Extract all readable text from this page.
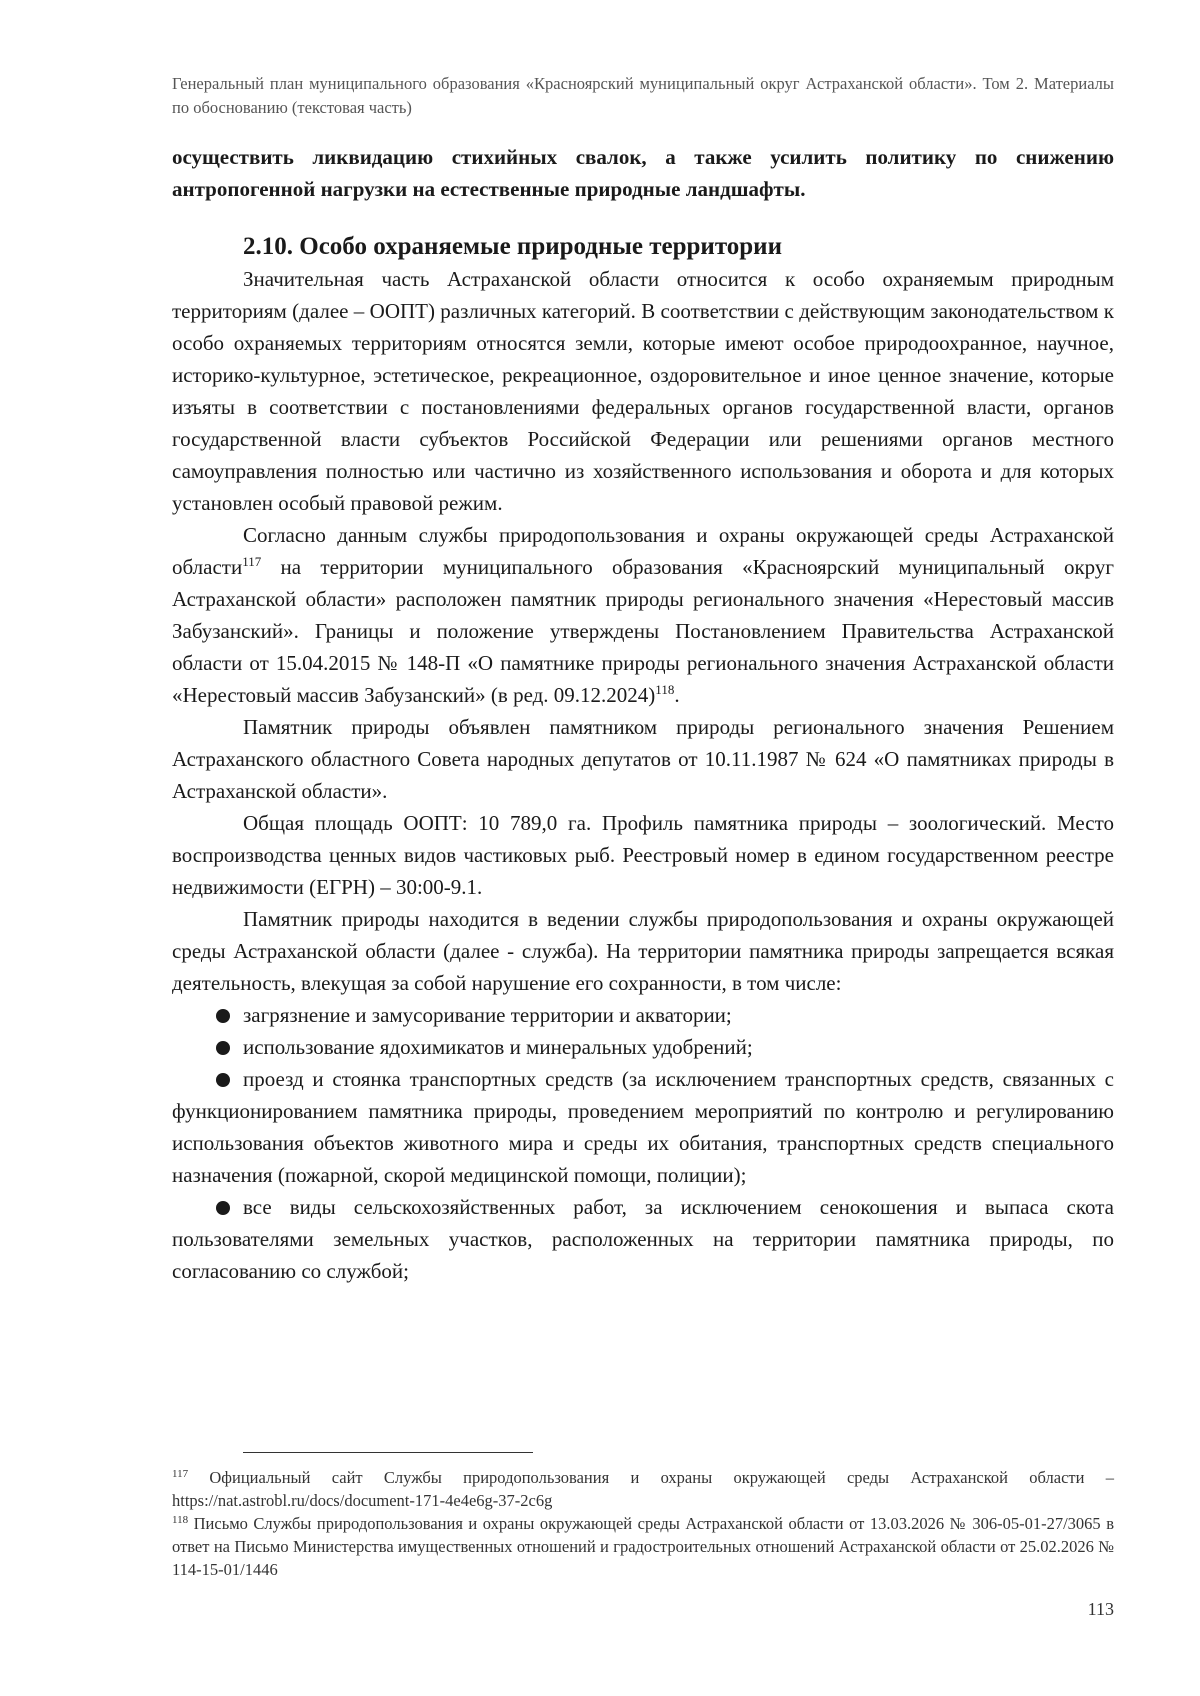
Генеральный план муниципального образования «Красноярский муниципальный округ Астраханской области». Том 2. Материалы по обоснованию (текстовая часть)

осуществить ликвидацию стихийных свалок, а также усилить политику по снижению антропогенной нагрузки на естественные природные ландшафты.

2.10. Особо охраняемые природные территории

Значительная часть Астраханской области относится к особо охраняемым природным территориям (далее – ООПТ) различных категорий. В соответствии с действующим законодательством к особо охраняемых территориям относятся земли, которые имеют особое природоохранное, научное, историко-культурное, эстетическое, рекреационное, оздоровительное и иное ценное значение, которые изъяты в соответствии с постановлениями федеральных органов государственной власти, органов государственной власти субъектов Российской Федерации или решениями органов местного самоуправления полностью или частично из хозяйственного использования и оборота и для которых установлен особый правовой режим.

Согласно данным службы природопользования и охраны окружающей среды Астраханской области$^{117}$ на территории муниципального образования «Красноярский муниципальный округ Астраханской области» расположен памятник природы регионального значения «Нерестовый массив Забузанский». Границы и положение утверждены Постановлением Правительства Астраханской области от 15.04.2015 № 148-П «О памятнике природы регионального значения Астраханской области «Нерестовый массив Забузанский» (в ред. 09.12.2024)$^{118}$.

Памятник природы объявлен памятником природы регионального значения Решением Астраханского областного Совета народных депутатов от 10.11.1987 № 624 «О памятниках природы в Астраханской области».

Общая площадь ООПТ: 10 789,0 га. Профиль памятника природы – зоологический. Место воспроизводства ценных видов частиковых рыб. Реестровый номер в едином государственном реестре недвижимости (ЕГРН) – 30:00-9.1.

Памятник природы находится в ведении службы природопользования и охраны окружающей среды Астраханской области (далее - служба). На территории памятника природы запрещается всякая деятельность, влекущая за собой нарушение его сохранности, в том числе:

загрязнение и замусоривание территории и акватории;
использование ядохимикатов и минеральных удобрений;
проезд и стоянка транспортных средств (за исключением транспортных средств, связанных с функционированием памятника природы, проведением мероприятий по контролю и регулированию использования объектов животного мира и среды их обитания, транспортных средств специального назначения (пожарной, скорой медицинской помощи, полиции);
все виды сельскохозяйственных работ, за исключением сенокошения и выпаса скота пользователями земельных участков, расположенных на территории памятника природы, по согласованию со службой;

$^{117}$ Официальный сайт Службы природопользования и охраны окружающей среды Астраханской области – https://nat.astrobl.ru/docs/document-171-4e4e6g-37-2c6g

$^{118}$ Письмо Службы природопользования и охраны окружающей среды Астраханской области от 13.03.2026 № 306-05-01-27/3065 в ответ на Письмо Министерства имущественных отношений и градостроительных отношений Астраханской области от 25.02.2026 № 114-15-01/1446

113
